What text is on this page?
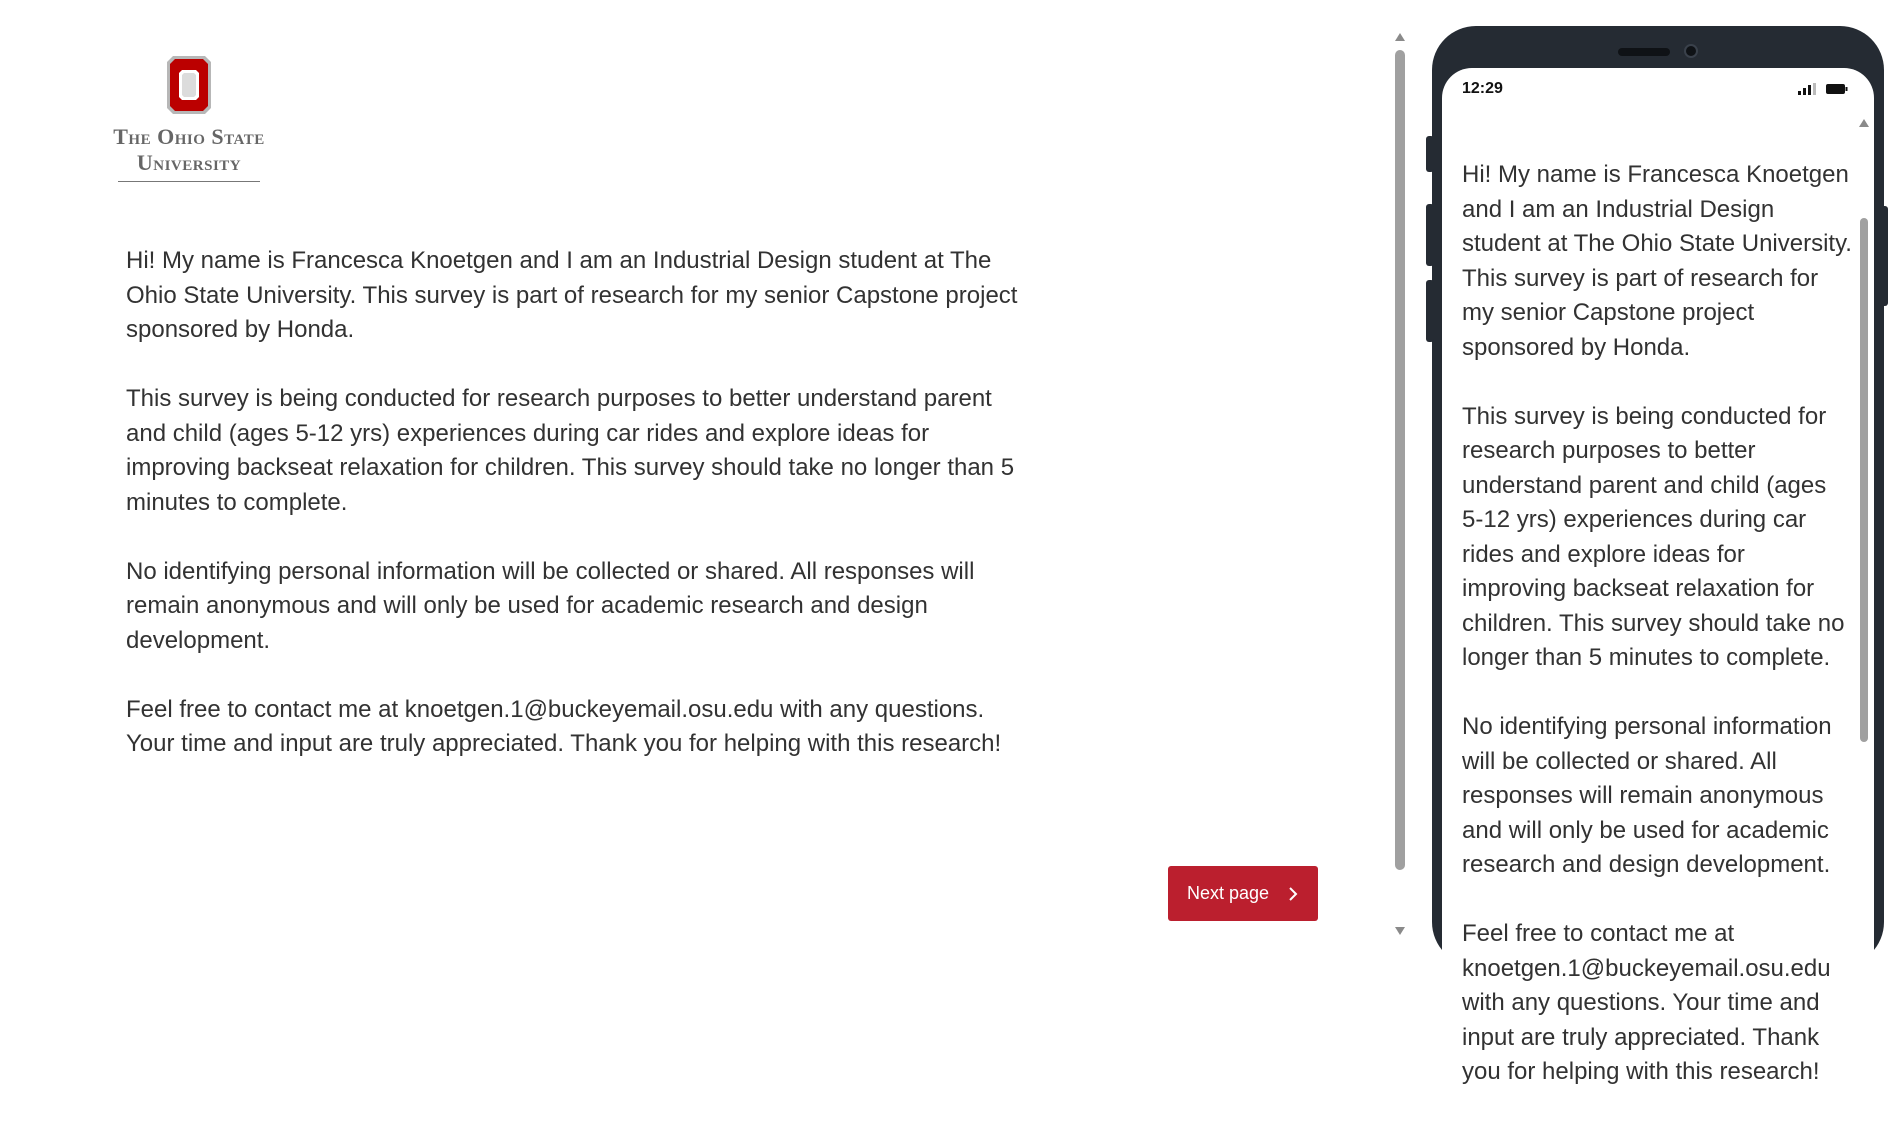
The Ohio State
University

Hi! My name is Francesca Knoetgen and I am an Industrial Design student at The Ohio State University. This survey is part of research for my senior Capstone project sponsored by Honda.

This survey is being conducted for research purposes to better understand parent and child (ages 5-12 yrs) experiences during car rides and explore ideas for improving backseat relaxation for children. This survey should take no longer than 5 minutes to complete.

No identifying personal information will be collected or shared. All responses will remain anonymous and will only be used for academic research and design development.

Feel free to contact me at knoetgen.1@buckeyemail.osu.edu with any questions. Your time and input are truly appreciated. Thank you for helping with this research!

Next page
12:29

Hi! My name is Francesca Knoetgen and I am an Industrial Design student at The Ohio State University. This survey is part of research for my senior Capstone project sponsored by Honda.

This survey is being conducted for research purposes to better understand parent and child (ages 5-12 yrs) experiences during car rides and explore ideas for improving backseat relaxation for children. This survey should take no longer than 5 minutes to complete.

No identifying personal information will be collected or shared. All responses will remain anonymous and will only be used for academic research and design development.

Feel free to contact me at knoetgen.1@buckeyemail.osu.edu with any questions. Your time and input are truly appreciated. Thank you for helping with this research!
